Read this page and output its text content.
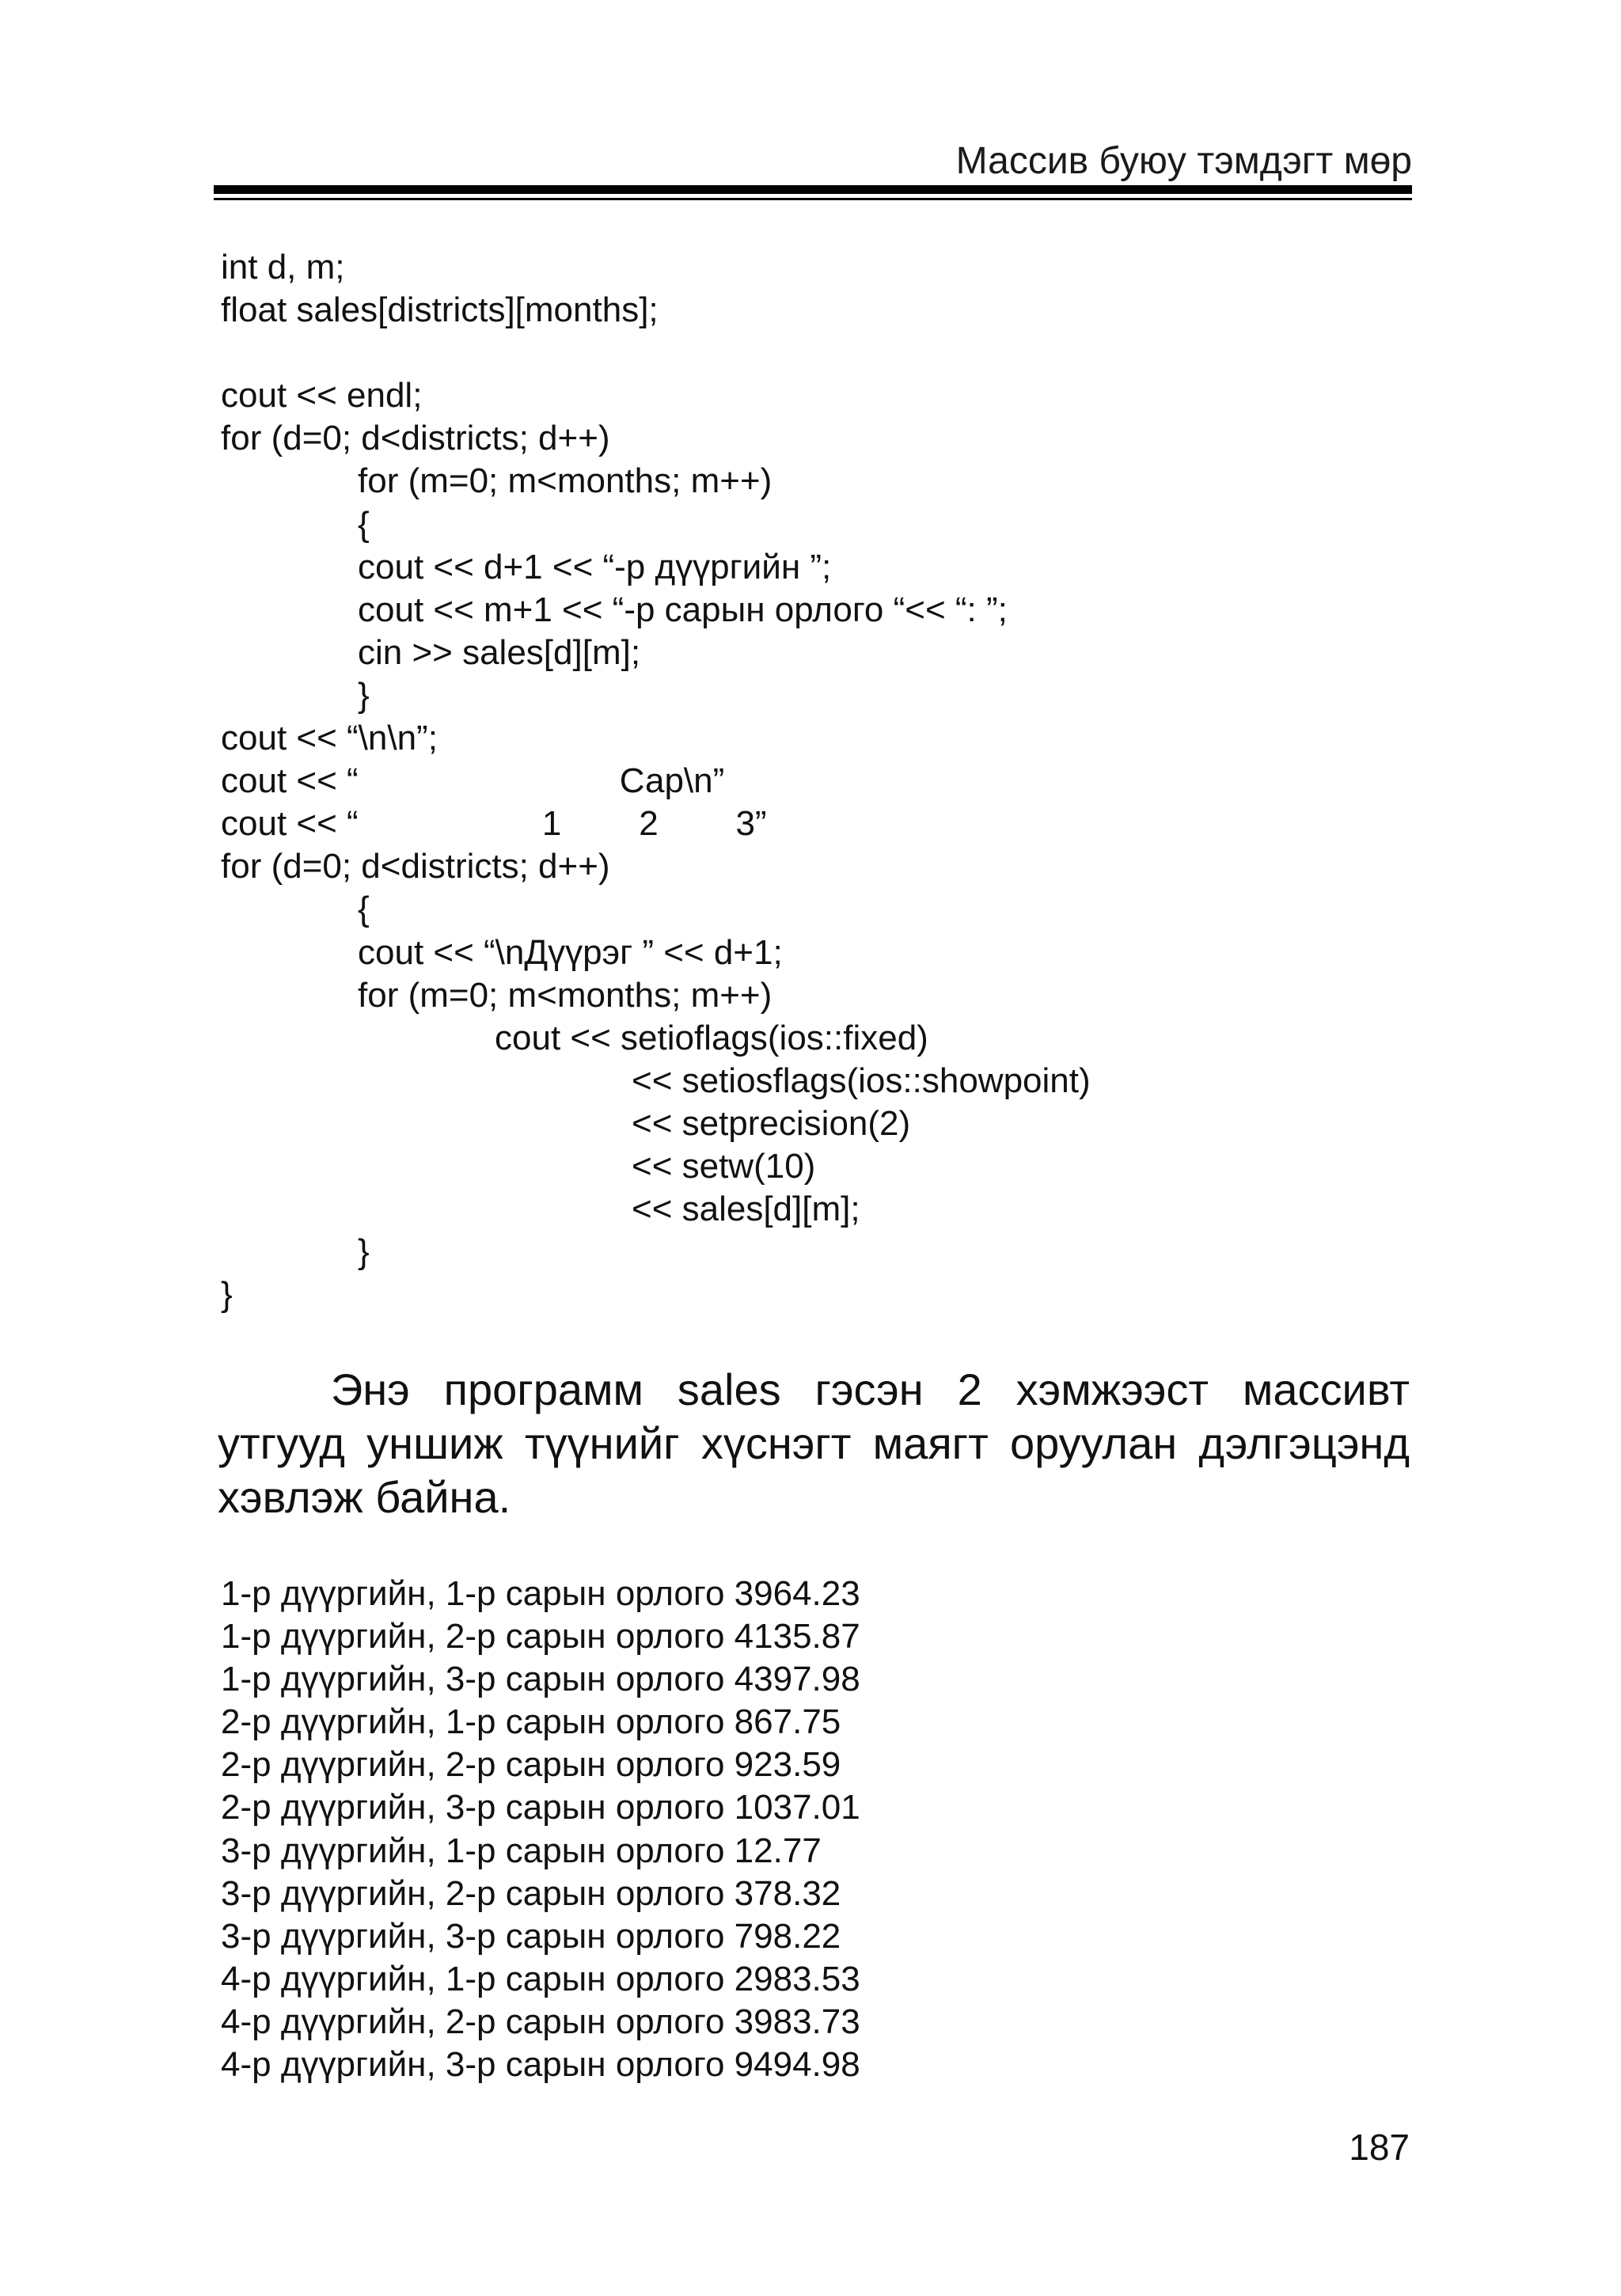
Массив буюу тэмдэгт мөр
int d, m;
float sales[districts][months];
cout << endl;
for (d=0; d<districts; d++)
for (m=0; m<months; m++)
{
cout << d+1 << “-р дүүргийн ”;
cout << m+1 << “-р сарын орлого “<< “: ”;
cin >> sales[d][m];
}
cout << “\n\n”;
cout << “                           Сар\n”
cout << “                   1        2        3”
for (d=0; d<districts; d++)
{
cout << “\nДүүрэг ” << d+1;
for (m=0; m<months; m++)
cout << setioflags(ios::fixed)
<< setiosflags(ios::showpoint)
<< setprecision(2)
<< setw(10)
<< sales[d][m];
}
}

Энэ программ sales гэсэн 2 хэмжээст массивт утгууд уншиж түүнийг хүснэгт маягт оруулан дэлгэцэнд хэвлэж байна.

1-р дүүргийн, 1-р сарын орлого 3964.23
1-р дүүргийн, 2-р сарын орлого 4135.87
1-р дүүргийн, 3-р сарын орлого 4397.98
2-р дүүргийн, 1-р сарын орлого 867.75
2-р дүүргийн, 2-р сарын орлого 923.59
2-р дүүргийн, 3-р сарын орлого 1037.01
3-р дүүргийн, 1-р сарын орлого 12.77
3-р дүүргийн, 2-р сарын орлого 378.32
3-р дүүргийн, 3-р сарын орлого 798.22
4-р дүүргийн, 1-р сарын орлого 2983.53
4-р дүүргийн, 2-р сарын орлого 3983.73
4-р дүүргийн, 3-р сарын орлого 9494.98
187
